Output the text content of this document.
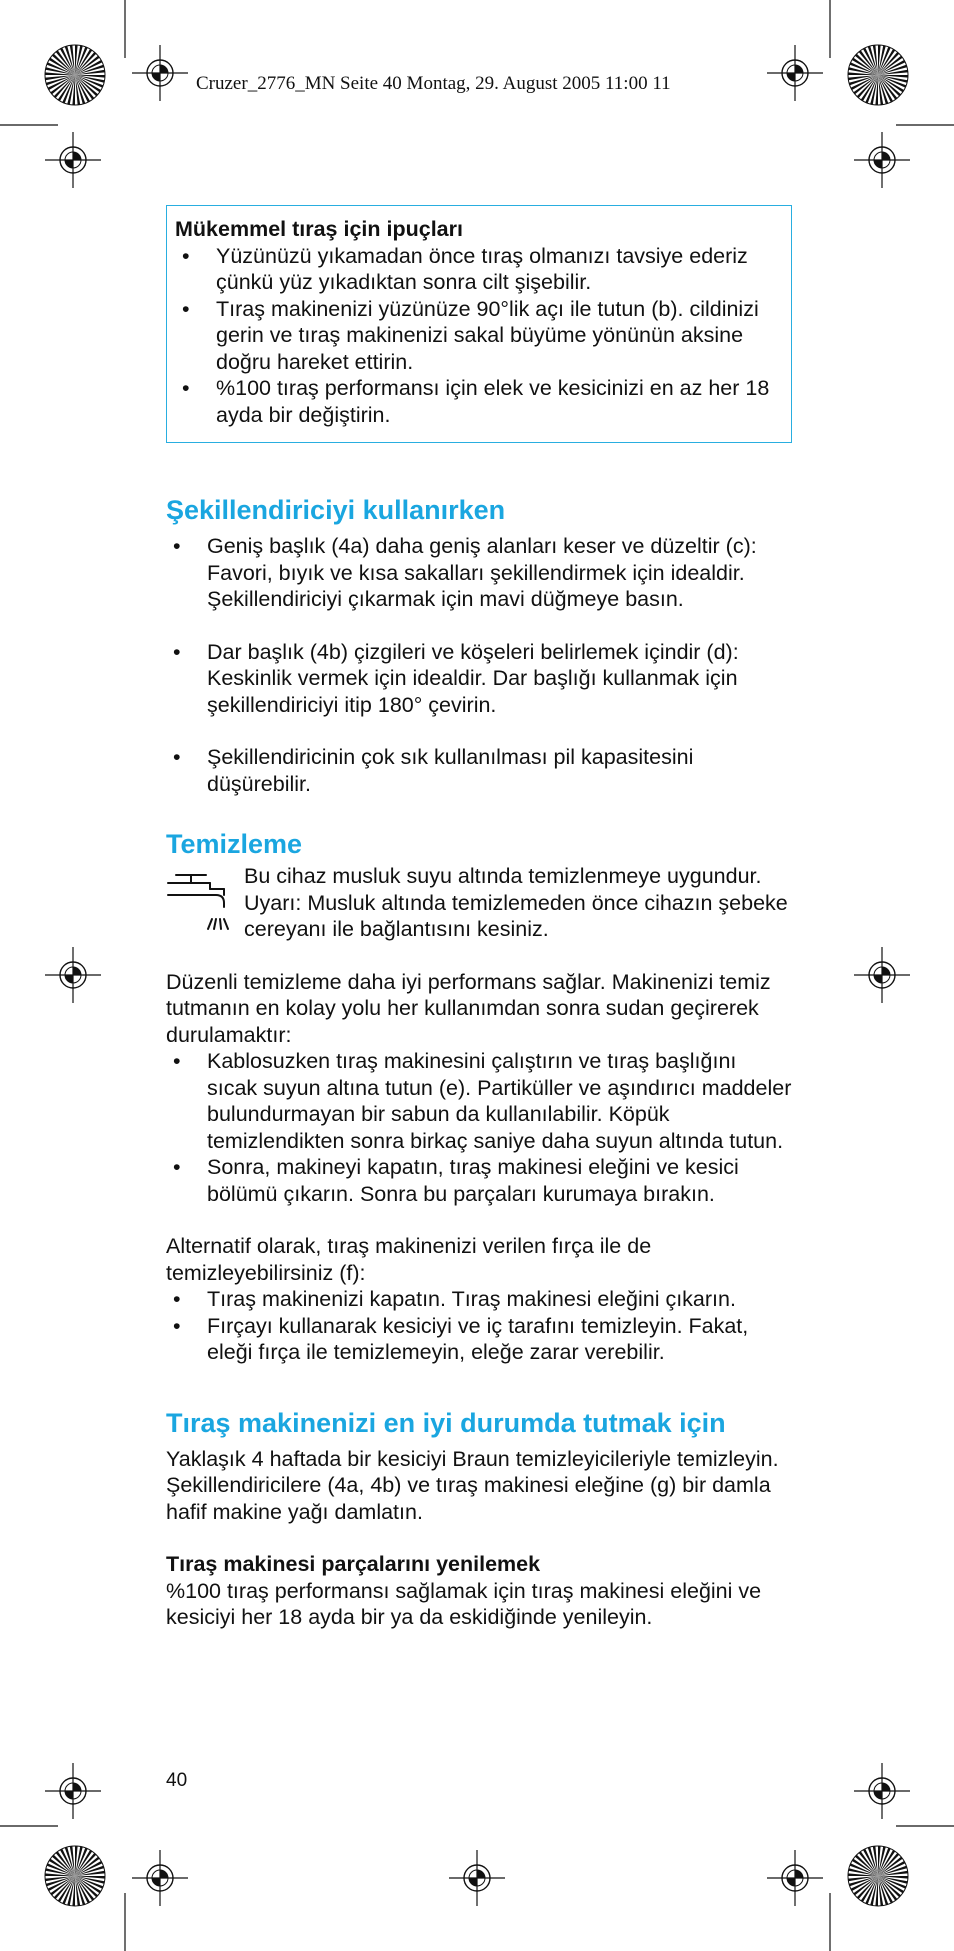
Cruzer_2776_MN Seite 40 Montag, 29. August 2005 11:00 11
Mükemmel tıraş için ipuçları
• Yüzünüzü yıkamadan önce tıraş olmanızı tavsiye ederiz çünkü yüz yıkadıktan sonra cilt şişebilir.
• Tıraş makinenizi yüzünüze 90°lik açı ile tutun (b). cildinizi gerin ve tıraş makinenizi sakal büyüme yönünün aksine doğru hareket ettirin.
• %100 tıraş performansı için elek ve kesicinizi en az her 18 ayda bir değiştirin.
Şekillendiriciyi kullanırken
• Geniş başlık (4a) daha geniş alanları keser ve düzeltir (c): Favori, bıyık ve kısa sakalları şekillendirmek için idealdir. Şekillendiriciyi çıkarmak için mavi düğmeye basın.
• Dar başlık (4b) çizgileri ve köşeleri belirlemek içindir (d): Keskinlik vermek için idealdir. Dar başlığı kullanmak için şekillendiriciyi itip 180° çevirin.
• Şekillendiricinin çok sık kullanılması pil kapasitesini düşürebilir.
Temizleme

Bu cihaz musluk suyu altında temizlenmeye uygundur.

Uyarı: Musluk altında temizlemeden önce cihazın şebeke cereyanı ile bağlantısını kesiniz.

Düzenli temizleme daha iyi performans sağlar. Makinenizi temiz tutmanın en kolay yolu her kullanımdan sonra sudan geçirerek durulamaktır:

• Kablosuzken tıraş makinesini çalıştırın ve tıraş başlığını sıcak suyun altına tutun (e). Partiküller ve aşındırıcı maddeler bulundurmayan bir sabun da kullanılabilir. Köpük temizlendikten sonra birkaç saniye daha suyun altında tutun.
• Sonra, makineyi kapatın, tıraş makinesi eleğini ve kesici bölümü çıkarın. Sonra bu parçaları kurumaya bırakın.

Alternatif olarak, tıraş makinenizi verilen fırça ile de temizleyebilirsiniz (f):

• Tıraş makinenizi kapatın. Tıraş makinesi eleğini çıkarın.
• Fırçayı kullanarak kesiciyi ve iç tarafını temizleyin. Fakat, eleği fırça ile temizlemeyin, eleğe zarar verebilir.
Tıraş makinenizi en iyi durumda tutmak için

Yaklaşık 4 haftada bir kesiciyi Braun temizleyicileriyle temizleyin. Şekillendiricilere (4a, 4b) ve tıraş makinesi eleğine (g) bir damla hafif makine yağı damlatın.

Tıraş makinesi parçalarını yenilemek

%100 tıraş performansı sağlamak için tıraş makinesi eleğini ve kesiciyi her 18 ayda bir ya da eskidiğinde yenileyin.

40
